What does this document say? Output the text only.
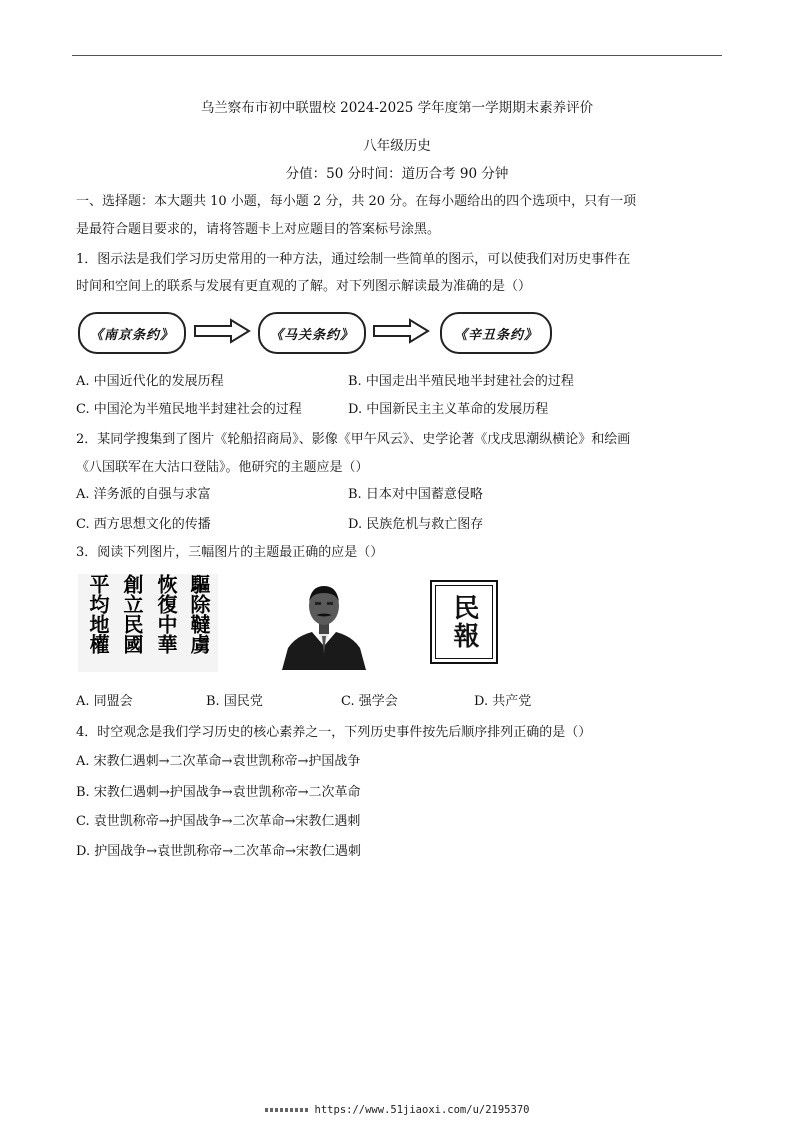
乌兰察布市初中联盟校 2024-2025 学年度第一学期期末素养评价
八年级历史
分值：50 分时间：道历合考 90 分钟
一、选择题：本大题共 10 小题，每小题 2 分，共 20 分。在每小题给出的四个选项中，只有一项
是最符合题目要求的，请将答题卡上对应题目的答案标号涂黑。
1．图示法是我们学习历史常用的一种方法，通过绘制一些简单的图示，可以使我们对历史事件在
时间和空间上的联系与发展有更直观的了解。对下列图示解读最为准确的是（）
《南京条约》	《马关条约》	《辛丑条约》
A. 中国近代化的发展历程	B. 中国走出半殖民地半封建社会的过程
C. 中国沦为半殖民地半封建社会的过程	D. 中国新民主主义革命的发展历程
2．某同学搜集到了图片《轮船招商局》、影像《甲午风云》、史学论著《戊戌思潮纵横论》和绘画
《八国联军在大沽口登陆》。他研究的主题应是（）
A. 洋务派的自强与求富	B. 日本对中国蓄意侵略
C. 西方思想文化的传播	D. 民族危机与救亡图存
3．阅读下列图片，三幅图片的主题最正确的应是（）
驅除韃虜
恢復中華
創立民國
平均地權	民報
A. 同盟会	B. 国民党	C. 强学会	D. 共产党
4．时空观念是我们学习历史的核心素养之一，下列历史事件按先后顺序排列正确的是（）
A. 宋教仁遇刺→二次革命→袁世凯称帝→护国战争
B. 宋教仁遇刺→护国战争→袁世凯称帝→二次革命
C. 袁世凯称帝→护国战争→二次革命→宋教仁遇刺
D. 护国战争→袁世凯称帝→二次革命→宋教仁遇刺
https://www.51jiaoxi.com/u/2195370
